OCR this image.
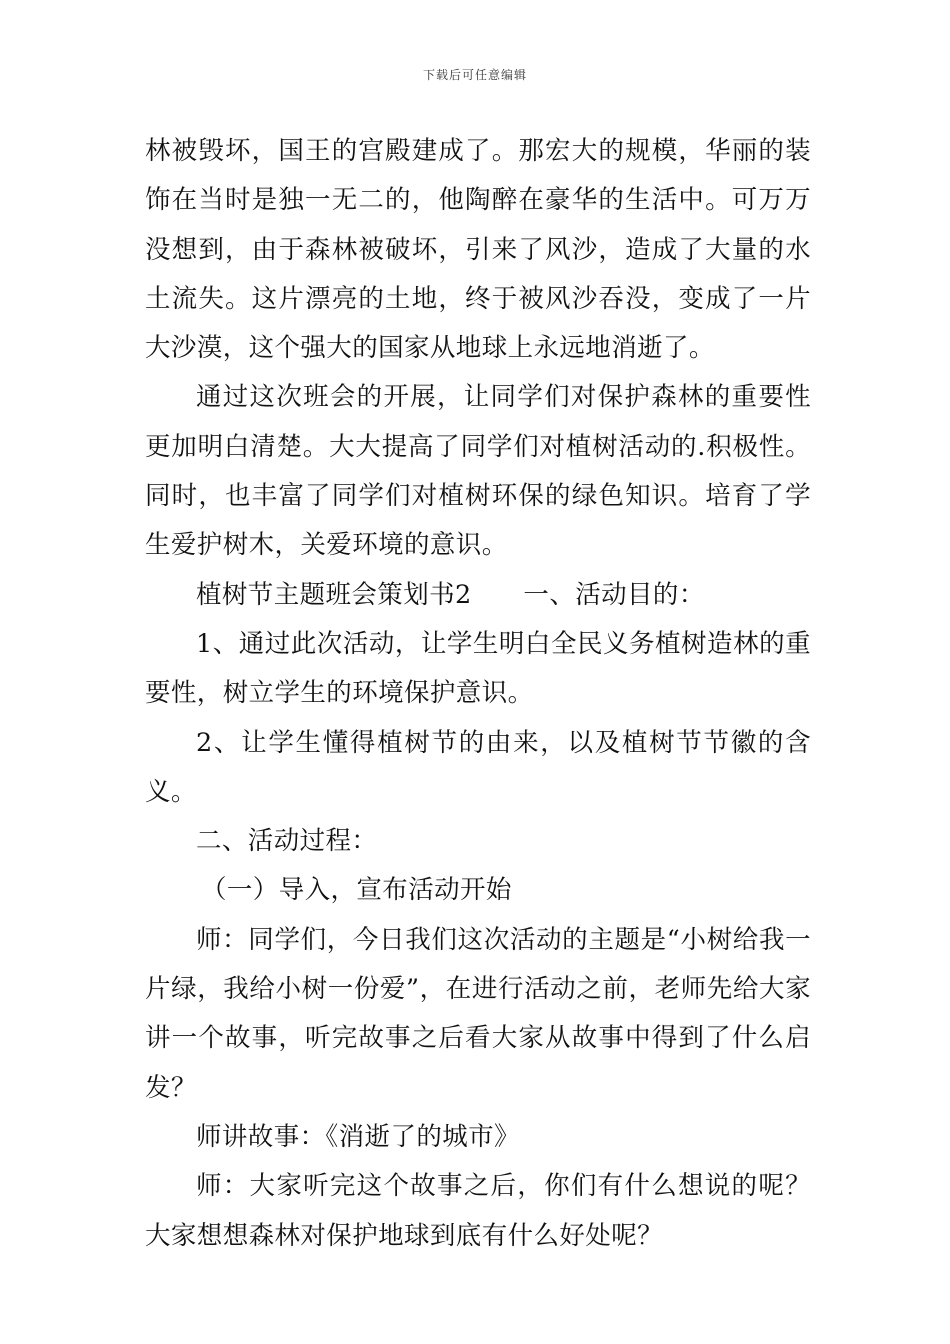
下载后可任意编辑

林被毁坏，国王的宫殿建成了。那宏大的规模，华丽的装饰在当时是独一无二的，他陶醉在豪华的生活中。可万万没想到，由于森林被破坏，引来了风沙，造成了大量的水土流失。这片漂亮的土地，终于被风沙吞没，变成了一片大沙漠，这个强大的国家从地球上永远地消逝了。

通过这次班会的开展，让同学们对保护森林的重要性更加明白清楚。大大提高了同学们对植树活动的.积极性。同时，也丰富了同学们对植树环保的绿色知识。培育了学生爱护树木，关爱环境的意识。

植树节主题班会策划书2　　一、活动目的：

1、通过此次活动，让学生明白全民义务植树造林的重要性，树立学生的环境保护意识。

2、让学生懂得植树节的由来，以及植树节节徽的含义。

二、活动过程：

（一）导入，宣布活动开始

师：同学们，今日我们这次活动的主题是“小树给我一片绿，我给小树一份爱”，在进行活动之前，老师先给大家讲一个故事，听完故事之后看大家从故事中得到了什么启发？

师讲故事：《消逝了的城市》

师：大家听完这个故事之后，你们有什么想说的呢？大家想想森林对保护地球到底有什么好处呢？
